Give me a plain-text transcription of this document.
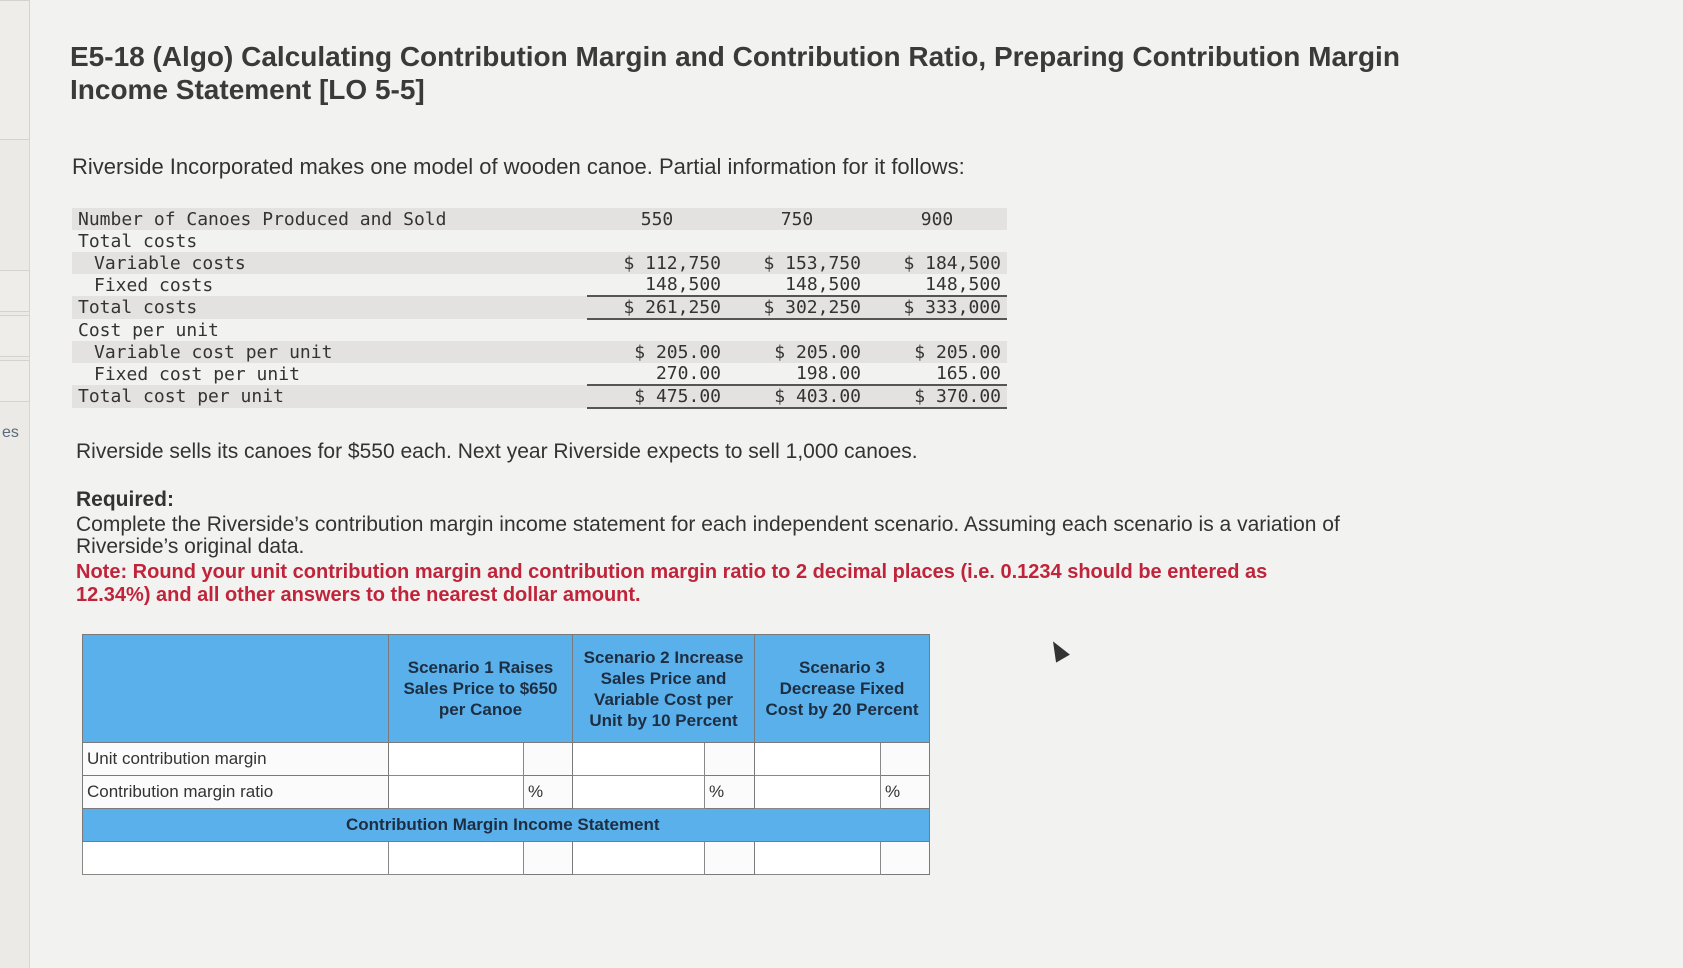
es
E5-18 (Algo) Calculating Contribution Margin and Contribution Ratio, Preparing Contribution Margin Income Statement [LO 5-5]

Riverside Incorporated makes one model of wooden canoe. Partial information for it follows:

Number of Canoes Produced and Sold	550	750	900
Total costs			
Variable costs	$ 112,750	$ 153,750	$ 184,500
Fixed costs	148,500	148,500	148,500
Total costs	$ 261,250	$ 302,250	$ 333,000
Cost per unit			
Variable cost per unit	$ 205.00	$ 205.00	$ 205.00
Fixed cost per unit	270.00	198.00	165.00
Total cost per unit	$ 475.00	$ 403.00	$ 370.00

Riverside sells its canoes for $550 each. Next year Riverside expects to sell 1,000 canoes.

Required:

Complete the Riverside’s contribution margin income statement for each independent scenario. Assuming each scenario is a variation of Riverside’s original data.

Note: Round your unit contribution margin and contribution margin ratio to 2 decimal places (i.e. 0.1234 should be entered as 12.34%) and all other answers to the nearest dollar amount.

	Scenario 1 Raises Sales Price to $650 per Canoe		Scenario 2 Increase Sales Price and Variable Cost per Unit by 10 Percent		Scenario 3 Decrease Fixed Cost by 20 Percent	
Unit contribution margin						
Contribution margin ratio		%		%		%
Contribution Margin Income Statement						
